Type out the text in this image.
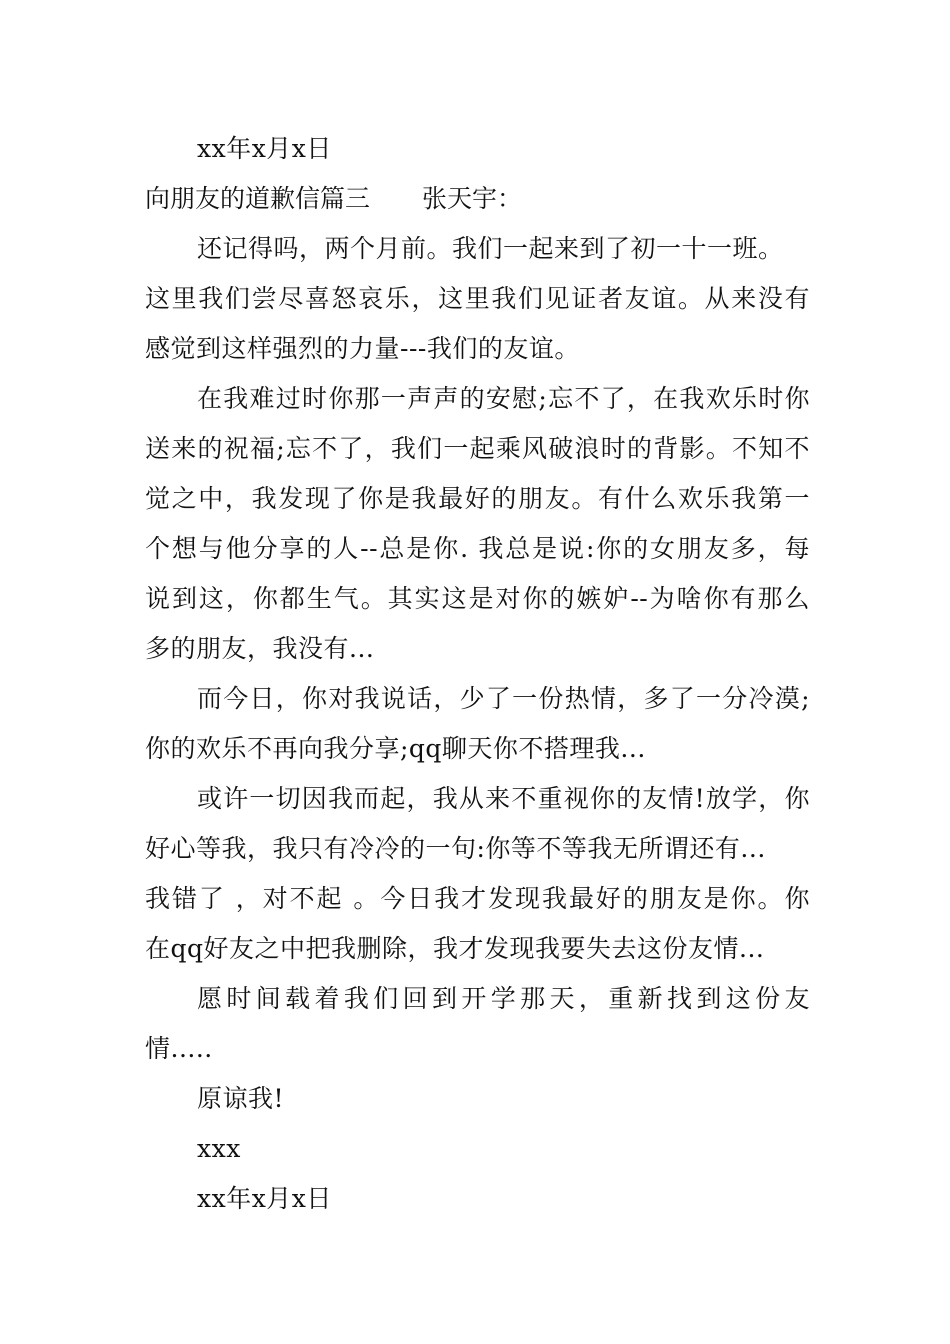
xx年x月x日
向朋友的道歉信篇三 张天宇：
还记得吗，两个月前。我们一起来到了初一十一班。
这里我们尝尽喜怒哀乐，这里我们见证者友谊。从来没有
感觉到这样强烈的力量---我们的友谊。
在我难过时你那一声声的安慰;忘不了，在我欢乐时你
送来的祝福;忘不了，我们一起乘风破浪时的背影。不知不
觉之中，我发现了你是我最好的朋友。有什么欢乐我第一
个想与他分享的人--总是你. 我总是说:你的女朋友多，每
说到这，你都生气。其实这是对你的嫉妒--为啥你有那么
多的朋友，我没有...
而今日，你对我说话，少了一份热情，多了一分冷漠;
你的欢乐不再向我分享;qq聊天你不搭理我...
或许一切因我而起，我从来不重视你的友情!放学，你
好心等我，我只有冷冷的一句:你等不等我无所谓还有...
我错了 ，对不起 。今日我才发现我最好的朋友是你。你
在qq好友之中把我删除，我才发现我要失去这份友情...
愿时间载着我们回到开学那天，重新找到这份友
情.....
原谅我!
xxx
xx年x月x日
